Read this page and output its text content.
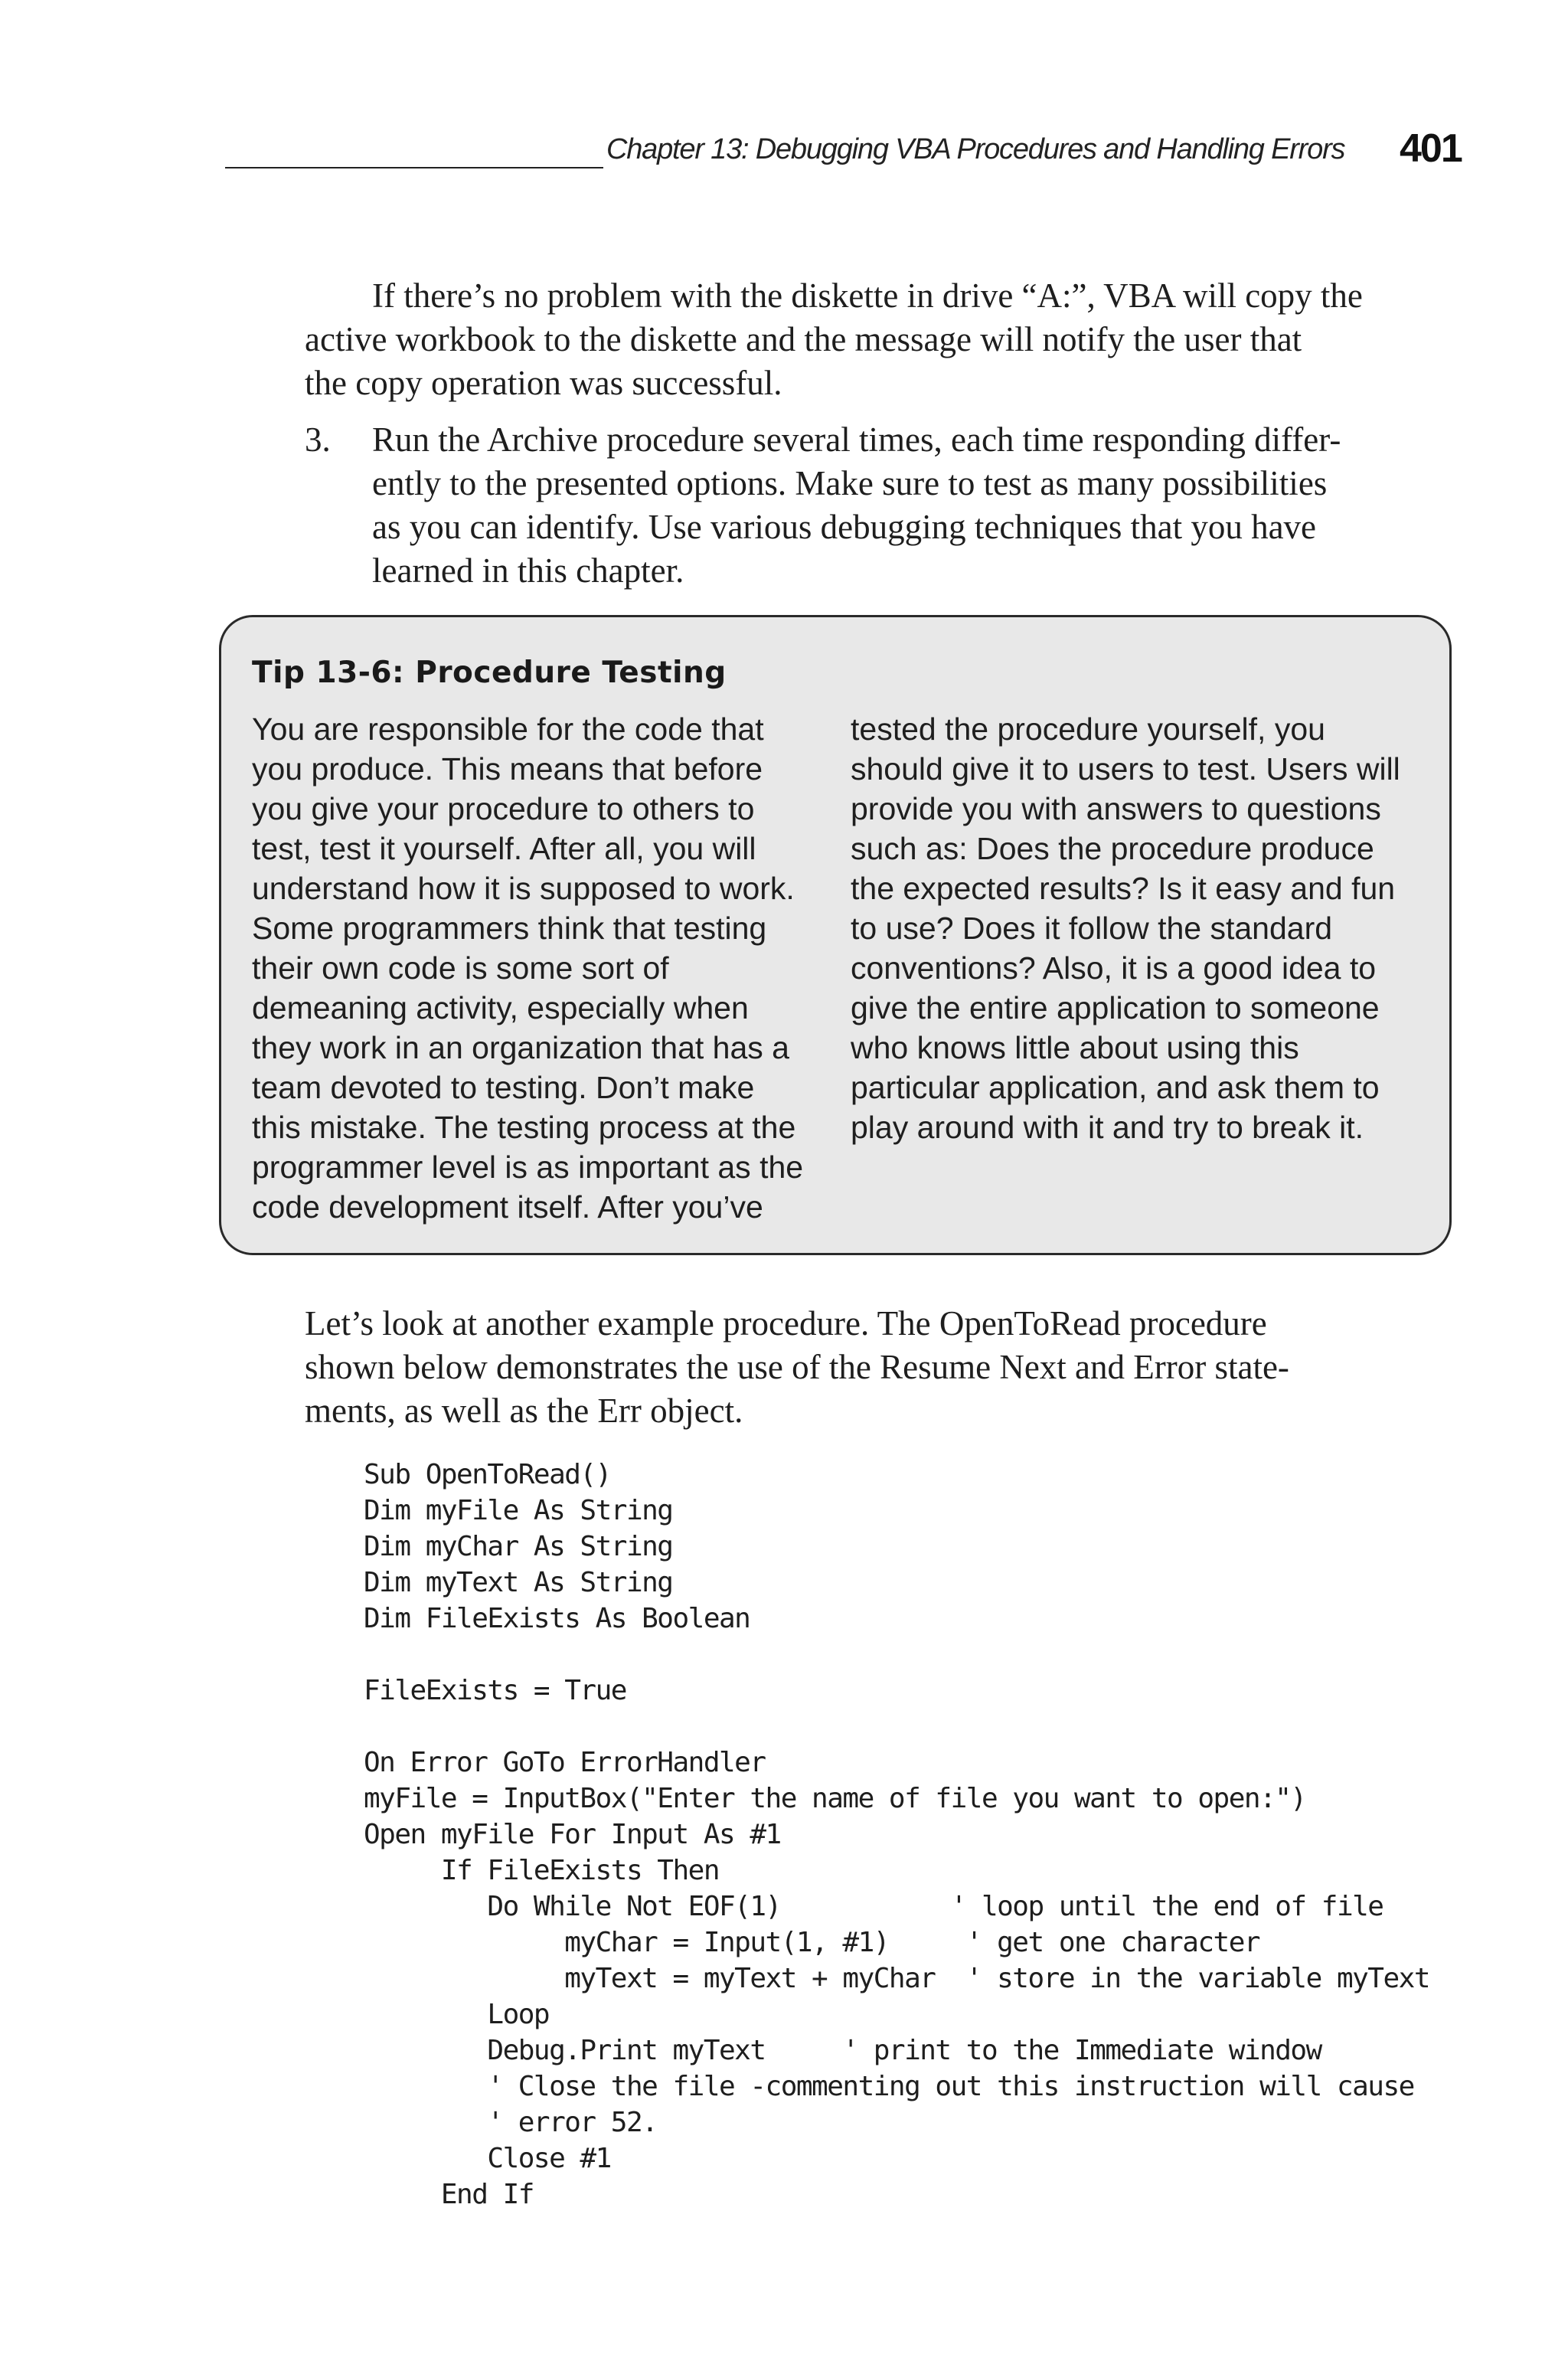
Chapter 13: Debugging VBA Procedures and Handling Errors 401

If there’s no problem with the diskette in drive “A:”, VBA will copy the

active workbook to the diskette and the message will notify the user that

the copy operation was successful.

3. Run the Archive procedure several times, each time responding differ-
ently to the presented options. Make sure to test as many possibilities
as you can identify. Use various debugging techniques that you have
learned in this chapter.
Tip 13-6: Procedure Testing
You are responsible for the code that
you produce. This means that before
you give your procedure to others to
test, test it yourself. After all, you will
understand how it is supposed to work.
Some programmers think that testing
their own code is some sort of
demeaning activity, especially when
they work in an organization that has a
team devoted to testing. Don’t make
this mistake. The testing process at the
programmer level is as important as the
code development itself. After you’ve
tested the procedure yourself, you
should give it to users to test. Users will
provide you with answers to questions
such as: Does the procedure produce
the expected results? Is it easy and fun
to use? Does it follow the standard
conventions? Also, it is a good idea to
give the entire application to someone
who knows little about using this
particular application, and ask them to
play around with it and try to break it.

Let’s look at another example procedure. The OpenToRead procedure

shown below demonstrates the use of the Resume Next and Error state-

ments, as well as the Err object.

Sub OpenToRead()
Dim myFile As String
Dim myChar As String
Dim myText As String
Dim FileExists As Boolean
FileExists = True
On Error GoTo ErrorHandler
myFile = InputBox("Enter the name of file you want to open:")
Open myFile For Input As #1
If FileExists Then
Do While Not EOF(1)           ' loop until the end of file
myChar = Input(1, #1)     ' get one character
myText = myText + myChar  ' store in the variable myText
Loop
Debug.Print myText     ' print to the Immediate window
' Close the file -commenting out this instruction will cause
' error 52.
Close #1
End If
